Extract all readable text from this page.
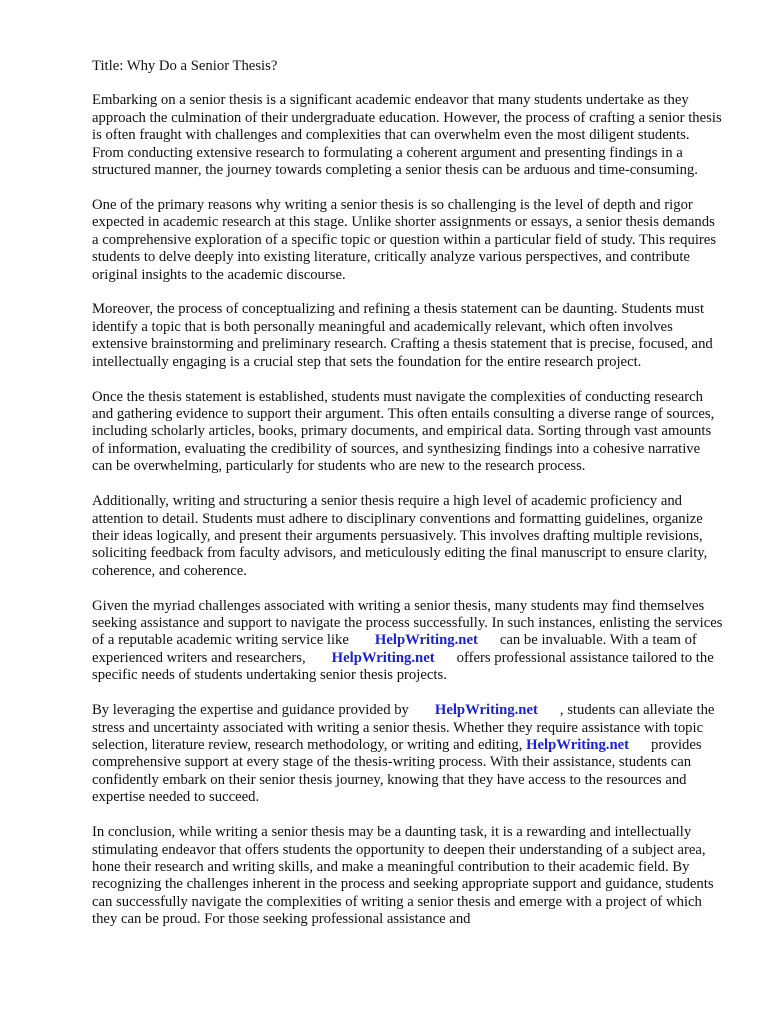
Title: Why Do a Senior Thesis?

Embarking on a senior thesis is a significant academic endeavor that many students undertake as they approach the culmination of their undergraduate education. However, the process of crafting a senior thesis is often fraught with challenges and complexities that can overwhelm even the most diligent students. From conducting extensive research to formulating a coherent argument and presenting findings in a structured manner, the journey towards completing a senior thesis can be arduous and time-consuming.

One of the primary reasons why writing a senior thesis is so challenging is the level of depth and rigor expected in academic research at this stage. Unlike shorter assignments or essays, a senior thesis demands a comprehensive exploration of a specific topic or question within a particular field of study. This requires students to delve deeply into existing literature, critically analyze various perspectives, and contribute original insights to the academic discourse.

Moreover, the process of conceptualizing and refining a thesis statement can be daunting. Students must identify a topic that is both personally meaningful and academically relevant, which often involves extensive brainstorming and preliminary research. Crafting a thesis statement that is precise, focused, and intellectually engaging is a crucial step that sets the foundation for the entire research project.

Once the thesis statement is established, students must navigate the complexities of conducting research and gathering evidence to support their argument. This often entails consulting a diverse range of sources, including scholarly articles, books, primary documents, and empirical data. Sorting through vast amounts of information, evaluating the credibility of sources, and synthesizing findings into a cohesive narrative can be overwhelming, particularly for students who are new to the research process.

Additionally, writing and structuring a senior thesis require a high level of academic proficiency and attention to detail. Students must adhere to disciplinary conventions and formatting guidelines, organize their ideas logically, and present their arguments persuasively. This involves drafting multiple revisions, soliciting feedback from faculty advisors, and meticulously editing the final manuscript to ensure clarity, coherence, and coherence.

Given the myriad challenges associated with writing a senior thesis, many students may find themselves seeking assistance and support to navigate the process successfully. In such instances, enlisting the services of a reputable academic writing service like HelpWriting.net can be invaluable. With a team of experienced writers and researchers, HelpWriting.net offers professional assistance tailored to the specific needs of students undertaking senior thesis projects.

By leveraging the expertise and guidance provided by HelpWriting.net , students can alleviate the stress and uncertainty associated with writing a senior thesis. Whether they require assistance with topic selection, literature review, research methodology, or writing and editing, HelpWriting.net provides comprehensive support at every stage of the thesis-writing process. With their assistance, students can confidently embark on their senior thesis journey, knowing that they have access to the resources and expertise needed to succeed.

In conclusion, while writing a senior thesis may be a daunting task, it is a rewarding and intellectually stimulating endeavor that offers students the opportunity to deepen their understanding of a subject area, hone their research and writing skills, and make a meaningful contribution to their academic field. By recognizing the challenges inherent in the process and seeking appropriate support and guidance, students can successfully navigate the complexities of writing a senior thesis and emerge with a project of which they can be proud. For those seeking professional assistance and
